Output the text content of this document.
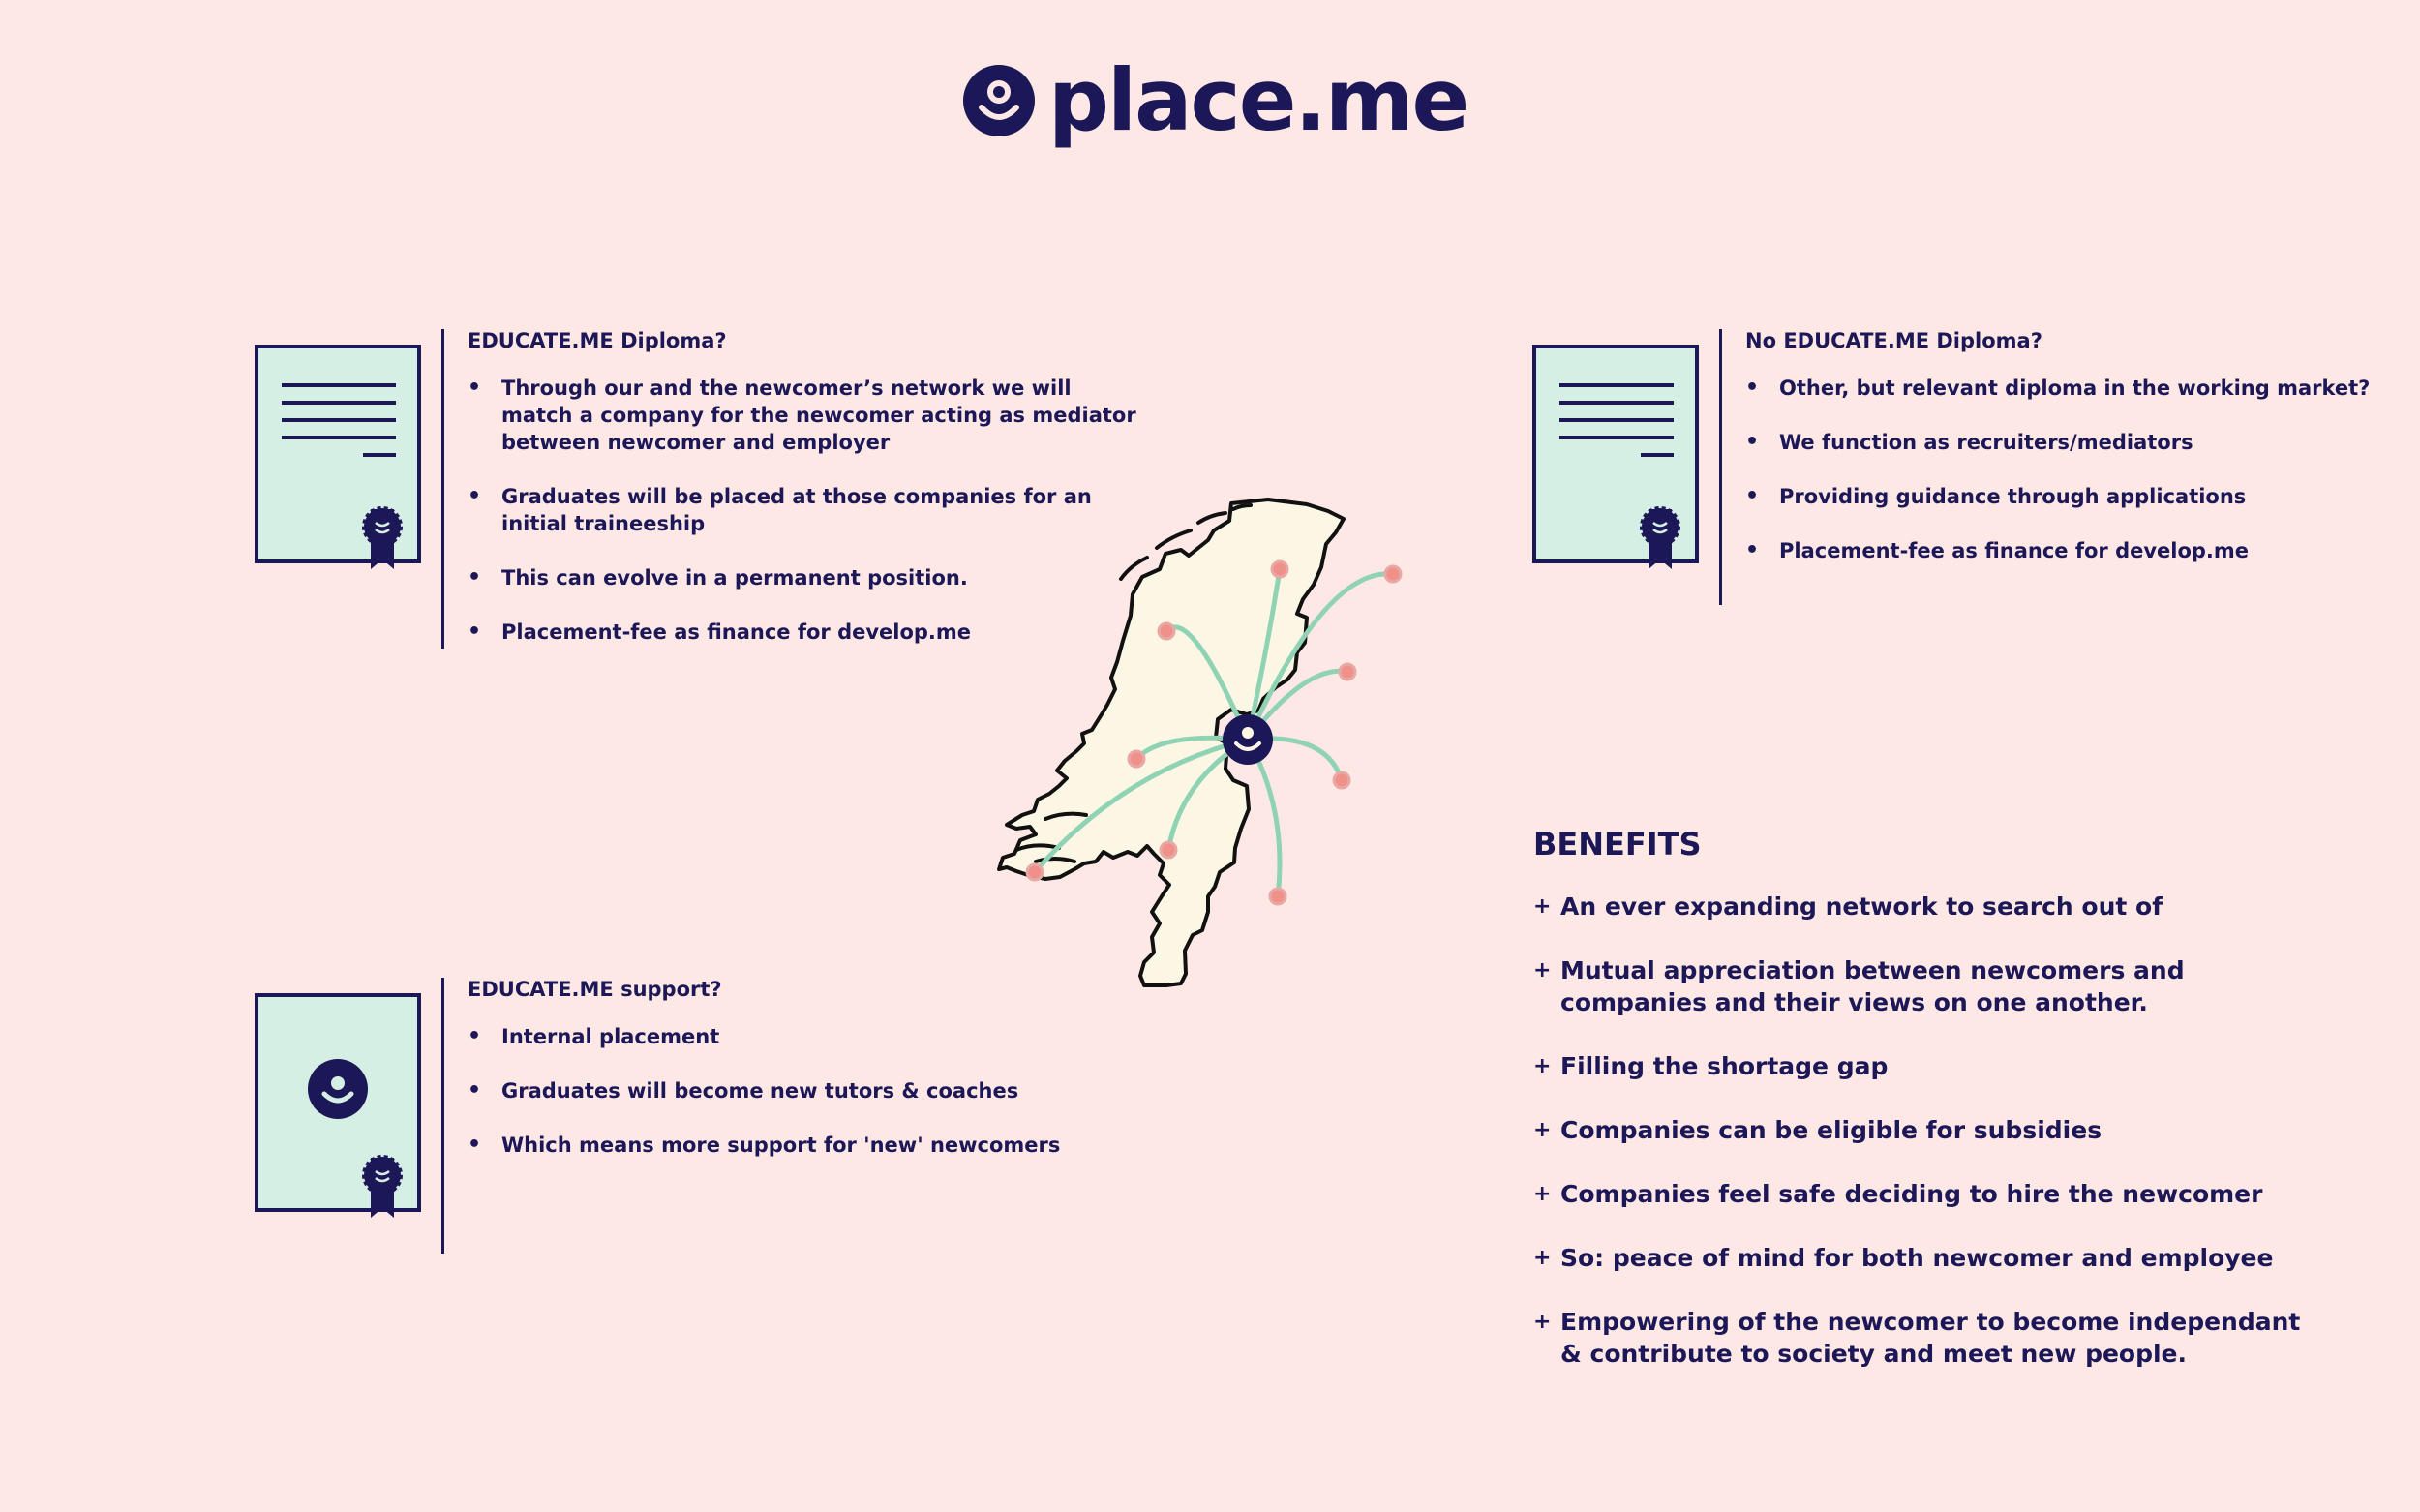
place.me
EDUCATE.ME Diploma?
• Through our and the newcomer’s network we will match a company for the newcomer acting as mediator between newcomer and employer
• Graduates will be placed at those companies for an initial traineeship
• This can evolve in a permanent position.
• Placement-fee as finance for develop.me
No EDUCATE.ME Diploma?
• Other, but relevant diploma in the working market?
• We function as recruiters/mediators
• Providing guidance through applications
• Placement-fee as finance for develop.me
EDUCATE.ME support?
• Internal placement
• Graduates will become new tutors & coaches
• Which means more support for 'new' newcomers
BENEFITS
+ An ever expanding network to search out of
+ Mutual appreciation between newcomers and companies and their views on one another.
+ Filling the shortage gap
+ Companies can be eligible for subsidies
+ Companies feel safe deciding to hire the newcomer
+ So: peace of mind for both newcomer and employee
+ Empowering of the newcomer to become independant & contribute to society and meet new people.
